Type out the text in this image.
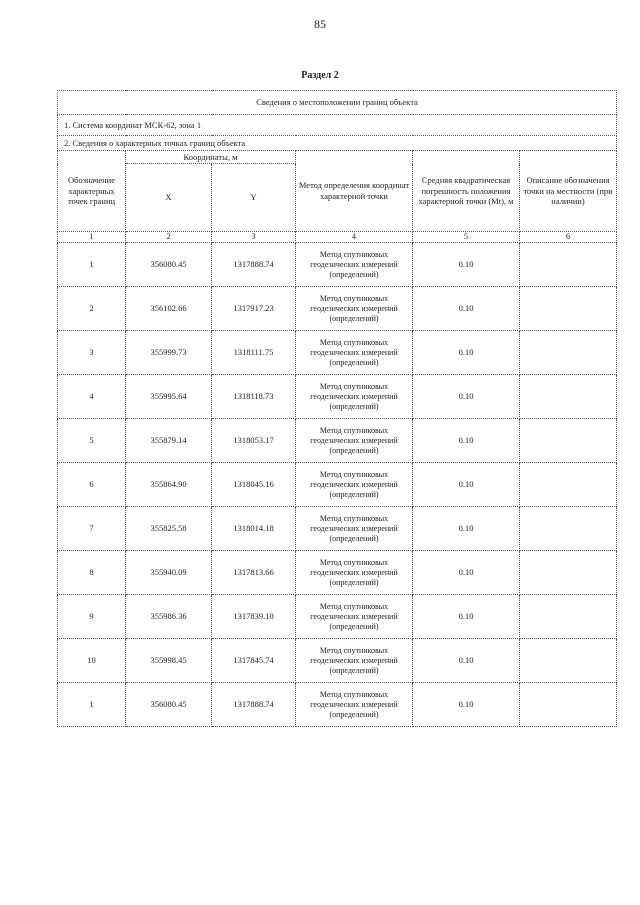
85
Раздел 2
Сведения о местоположении границ объекта					
1. Система координат МСК-62, зона 1					
2. Сведения о характерных точках границ объекта					
Обозначение характерных точек границ	Координаты, м		Метод определения координат характерной точки	Средняя квадратическая погрешность положения характерной точки (Mt), м	Описание обозначения точки на местности (при наличии)
	X	Y			
1	2	3	4	5	6
1	356080.45	1317888.74	Метод спутниковых геодезических измерений (определений)	0.10	
2	356102.66	1317917.23	Метод спутниковых геодезических измерений (определений)	0.10	
3	355999.73	1318111.75	Метод спутниковых геодезических измерений (определений)	0.10	
4	355995.64	1318118.73	Метод спутниковых геодезических измерений (определений)	0.10	
5	355879.14	1318053.17	Метод спутниковых геодезических измерений (определений)	0.10	
6	355864.90	1318045.16	Метод спутниковых геодезических измерений (определений)	0.10	
7	355825.58	1318014.18	Метод спутниковых геодезических измерений (определений)	0.10	
8	355940.09	1317813.66	Метод спутниковых геодезических измерений (определений)	0.10	
9	355986.36	1317839.10	Метод спутниковых геодезических измерений (определений)	0.10	
10	355998.45	1317845.74	Метод спутниковых геодезических измерений (определений)	0.10	
1	356080.45	1317888.74	Метод спутниковых геодезических измерений (определений)	0.10	
